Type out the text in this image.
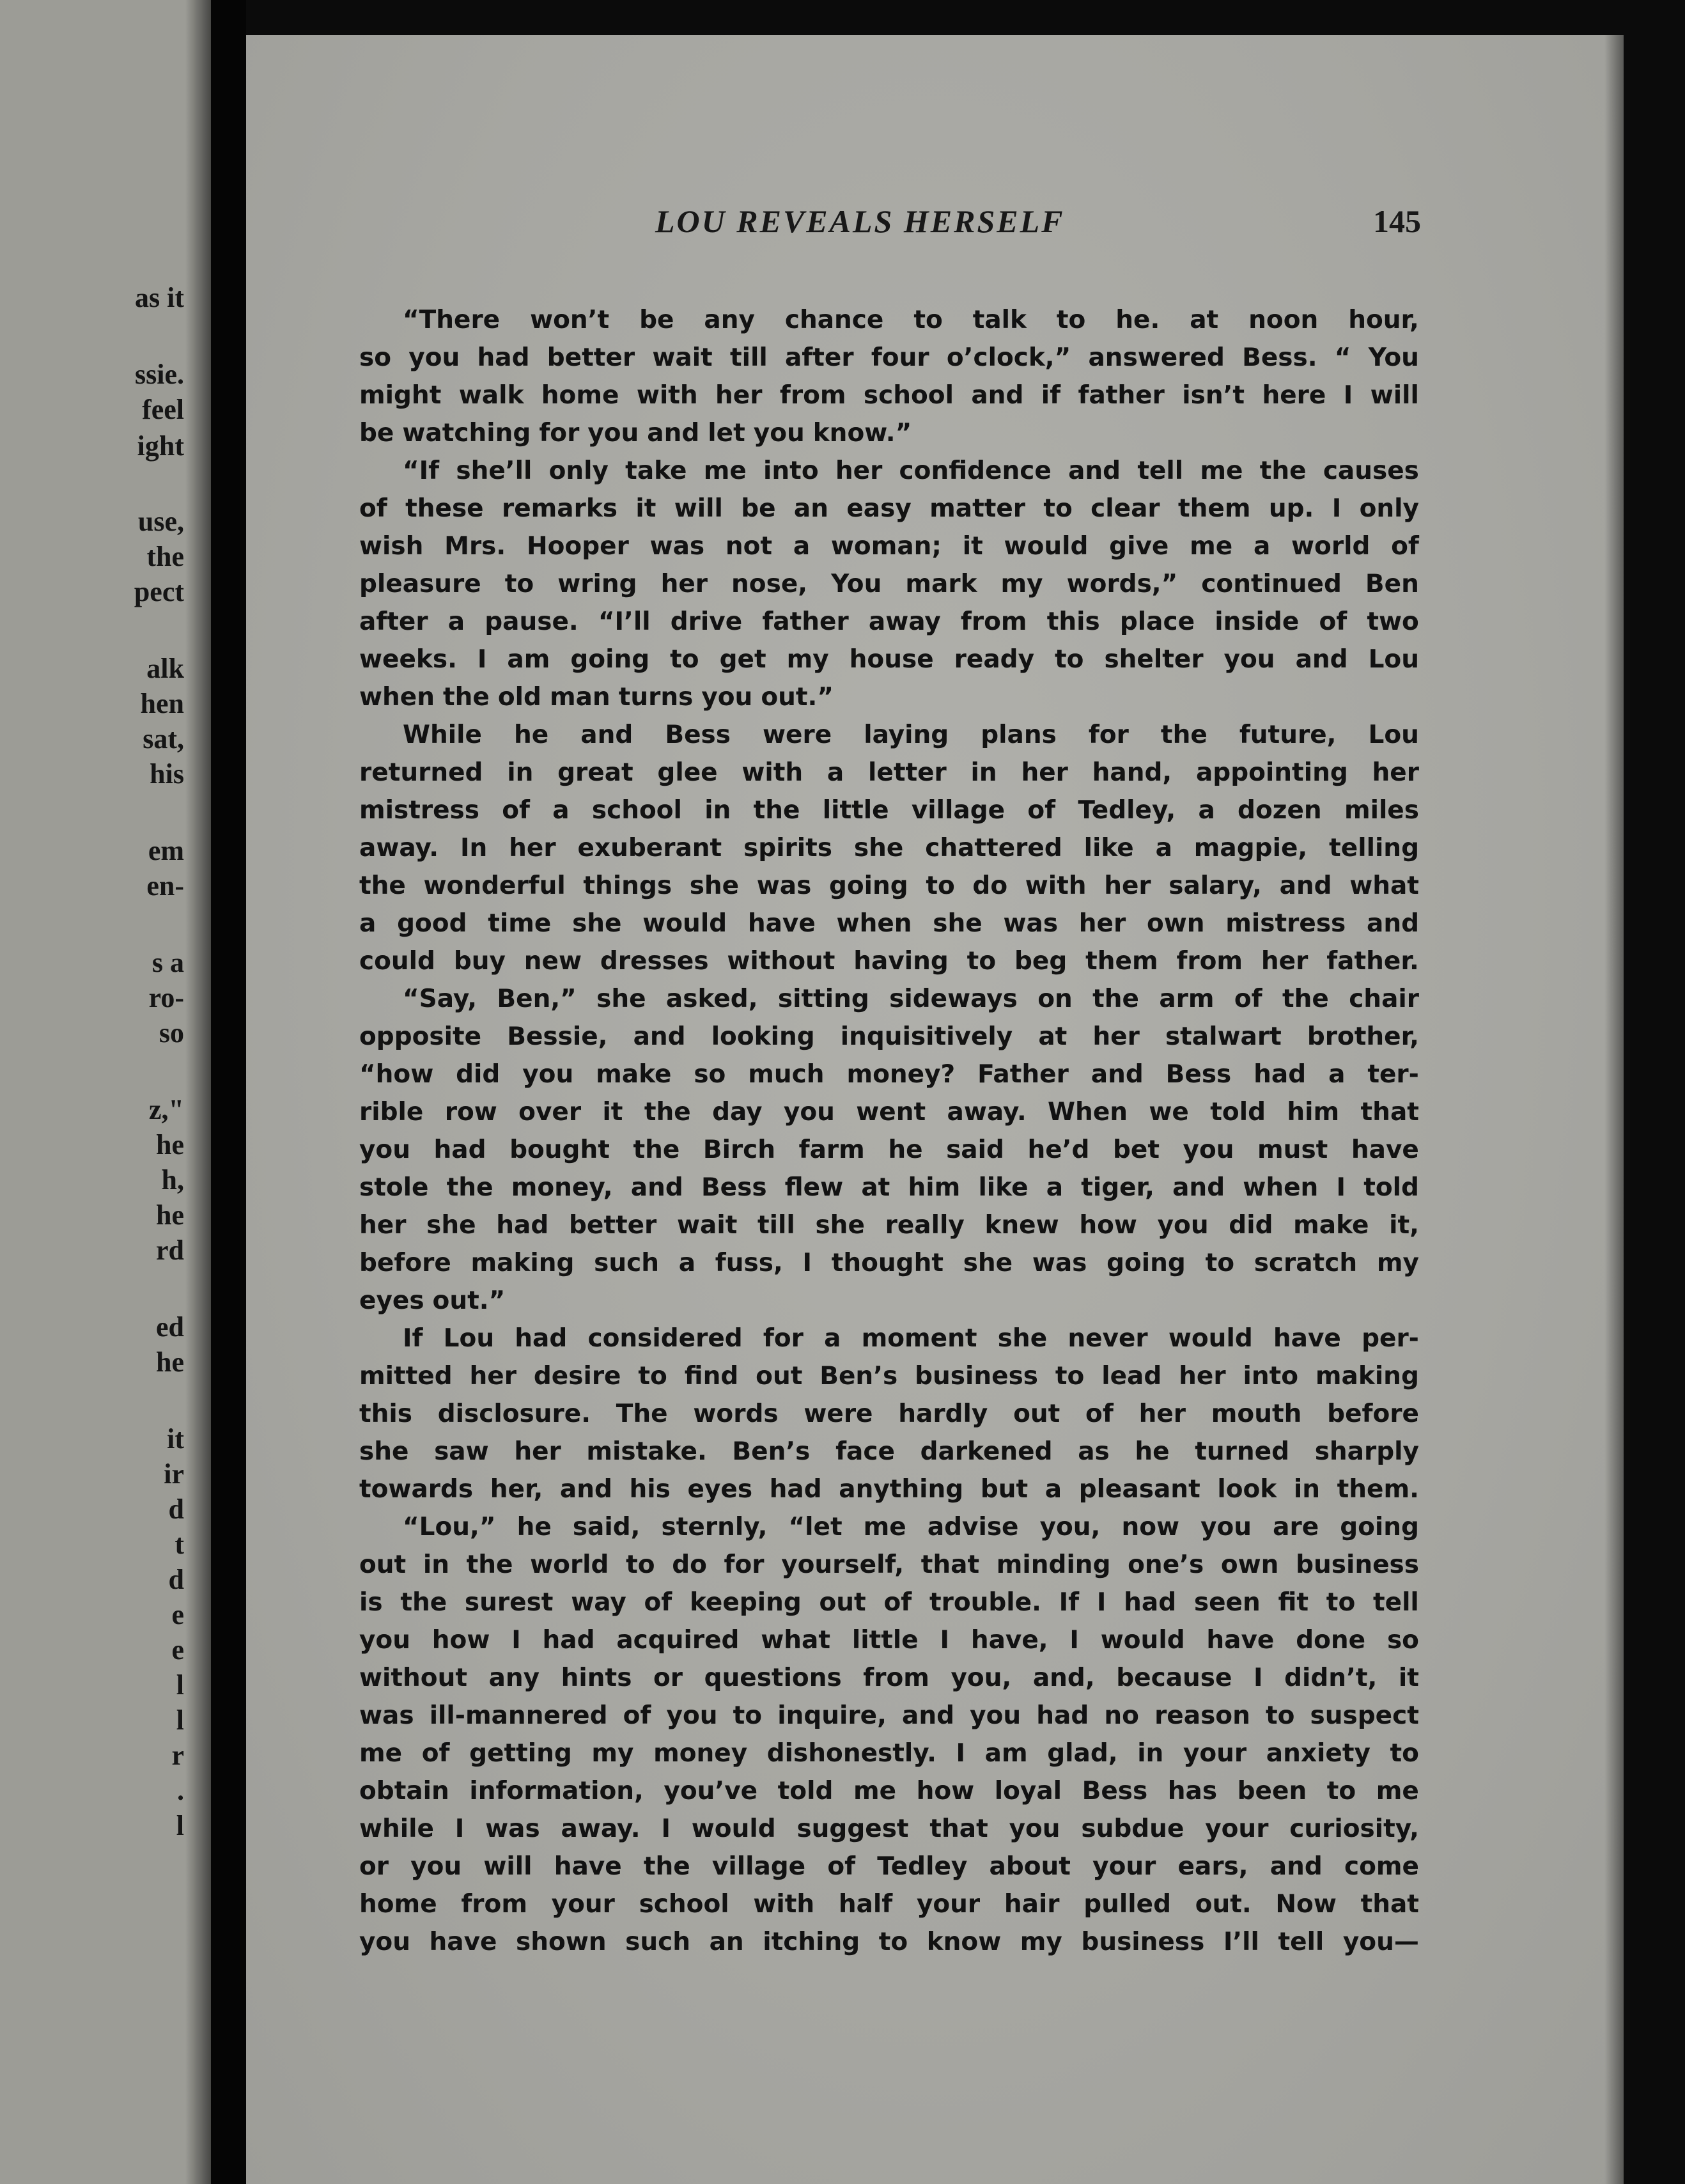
as it
ssie.
feel
ight
use,
the
pect
alk
hen
sat,
his
em
en-
s a
ro-
so
z,"
he
h,
he
rd
ed
he
it
ir
d
t
d
e
e
l
l
r
.
l
LOU REVEALS HERSELF	145
“There won’t be any chance to talk to he. at noon hour,
so you had better wait till after four o’clock,” answered Bess. “ You
might walk home with her from school and if father isn’t here I will
be watching for you and let you know.”
“If she’ll only take me into her confidence and tell me the causes
of these remarks it will be an easy matter to clear them up. I only
wish Mrs. Hooper was not a woman; it would give me a world of
pleasure to wring her nose, You mark my words,” continued Ben
after a pause. “I’ll drive father away from this place inside of two
weeks. I am going to get my house ready to shelter you and Lou
when the old man turns you out.”
While he and Bess were laying plans for the future, Lou
returned in great glee with a letter in her hand, appointing her
mistress of a school in the little village of Tedley, a dozen miles
away. In her exuberant spirits she chattered like a magpie, telling
the wonderful things she was going to do with her salary, and what
a good time she would have when she was her own mistress and
could buy new dresses without having to beg them from her father.
“Say, Ben,” she asked, sitting sideways on the arm of the chair
opposite Bessie, and looking inquisitively at her stalwart brother,
“how did you make so much money? Father and Bess had a ter-
rible row over it the day you went away. When we told him that
you had bought the Birch farm he said he’d bet you must have
stole the money, and Bess flew at him like a tiger, and when I told
her she had better wait till she really knew how you did make it,
before making such a fuss, I thought she was going to scratch my
eyes out.”
If Lou had considered for a moment she never would have per-
mitted her desire to find out Ben’s business to lead her into making
this disclosure. The words were hardly out of her mouth before
she saw her mistake. Ben’s face darkened as he turned sharply
towards her, and his eyes had anything but a pleasant look in them.
“Lou,” he said, sternly, “let me advise you, now you are going
out in the world to do for yourself, that minding one’s own business
is the surest way of keeping out of trouble. If I had seen fit to tell
you how I had acquired what little I have, I would have done so
without any hints or questions from you, and, because I didn’t, it
was ill-mannered of you to inquire, and you had no reason to suspect
me of getting my money dishonestly. I am glad, in your anxiety to
obtain information, you’ve told me how loyal Bess has been to me
while I was away. I would suggest that you subdue your curiosity,
or you will have the village of Tedley about your ears, and come
home from your school with half your hair pulled out. Now that
you have shown such an itching to know my business I’ll tell you—
